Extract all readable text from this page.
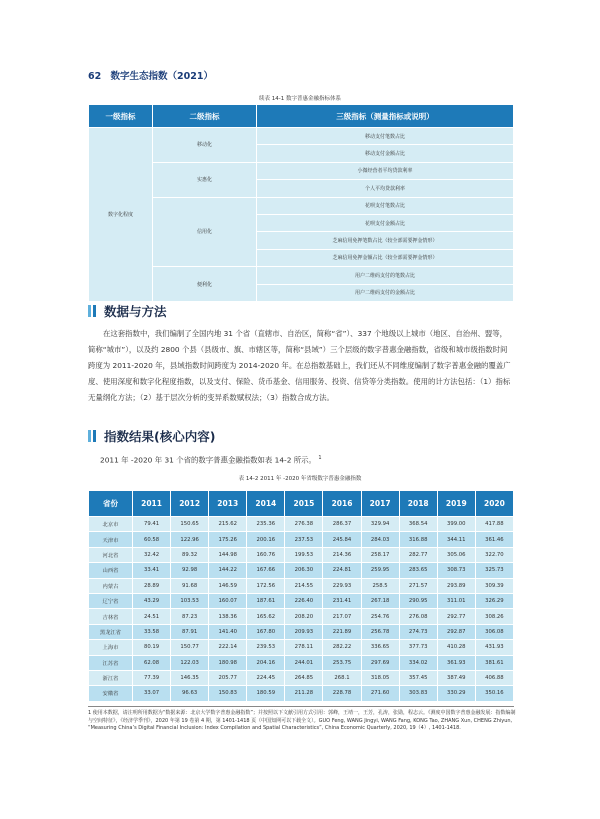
62 数字生态指数（2021）
续表 14-1 数字普惠金融指标体系
一级指标	二级指标	三级指标（测量指标或说明）
数字化程度	移动化	移动支付笔数占比
		移动支付金额占比
	实惠化	小微经营者平均贷款利率
		个人平均贷款利率
	信用化	花呗支付笔数占比
		花呗支付金额占比
		芝麻信用免押笔数占比（较全部需要押金情形）
		芝麻信用免押金额占比（较全部需要押金情形）
	便利化	用户二维码支付的笔数占比
		用户二维码支付的金额占比
数据与方法
在这套指数中，我们编制了全国内地 31 个省（直辖市、自治区，简称“省”）、337 个地级以上城市（地区、自治州、盟等，简称“城市”），以及约 2800 个县（县级市、旗、市辖区等，简称“县域”）三个层级的数字普惠金融指数，省级和城市级指数时间跨度为 2011-2020 年，县域指数时间跨度为 2014-2020 年。在总指数基础上，我们还从不同维度编制了数字普惠金融的覆盖广度、使用深度和数字化程度指数，以及支付、保险、货币基金、信用服务、投资、信贷等分类指数。使用的计方法包括：（1）指标无量纲化方法；（2）基于层次分析的变异系数赋权法；（3）指数合成方法。
指数结果(核心内容)
2011 年 -2020 年 31 个省的数字普惠金融指数如表 14-2 所示。 $^1$
表 14-2 2011 年 -2020 年省级数字普惠金融指数
省份	2011	2012	2013	2014	2015	2016	2017	2018	2019	2020
北京市	79.41	150.65	215.62	235.36	276.38	286.37	329.94	368.54	399.00	417.88
天津市	60.58	122.96	175.26	200.16	237.53	245.84	284.03	316.88	344.11	361.46
河北省	32.42	89.32	144.98	160.76	199.53	214.36	258.17	282.77	305.06	322.70
山西省	33.41	92.98	144.22	167.66	206.30	224.81	259.95	283.65	308.73	325.73
内蒙古	28.89	91.68	146.59	172.56	214.55	229.93	258.5	271.57	293.89	309.39
辽宁省	43.29	103.53	160.07	187.61	226.40	231.41	267.18	290.95	311.01	326.29
吉林省	24.51	87.23	138.36	165.62	208.20	217.07	254.76	276.08	292.77	308.26
黑龙江省	33.58	87.91	141.40	167.80	209.93	221.89	256.78	274.73	292.87	306.08
上海市	80.19	150.77	222.14	239.53	278.11	282.22	336.65	377.73	410.28	431.93
江苏省	62.08	122.03	180.98	204.16	244.01	253.75	297.69	334.02	361.93	381.61
浙江省	77.39	146.35	205.77	224.45	264.85	268.1	318.05	357.45	387.49	406.88
安徽省	33.07	96.63	150.83	180.59	211.28	228.78	271.60	303.83	330.29	350.16
1 使用本数据，请注明所用数据为“数据来源：北京大学数字普惠金融指数”；并按照以下文献引用方式引用：郭峰，王靖一，王芳，孔涛，张勋，程志云。《测度中国数字普惠金融发展：指数编制与空间特征》，《经济学季刊》，2020 年第 19 卷第 4 期，第 1401-1418 页（中国知网可以下载全文）。GUO Feng, WANG Jingyi, WANG Fang, KONG Tao, ZHANG Xun, CHENG Zhiyun, “Measuring China’s Digital Financial Inclusion: Index Compilation and Spatial Characteristics”, China Economic Quarterly, 2020, 19（4）, 1401-1418.
